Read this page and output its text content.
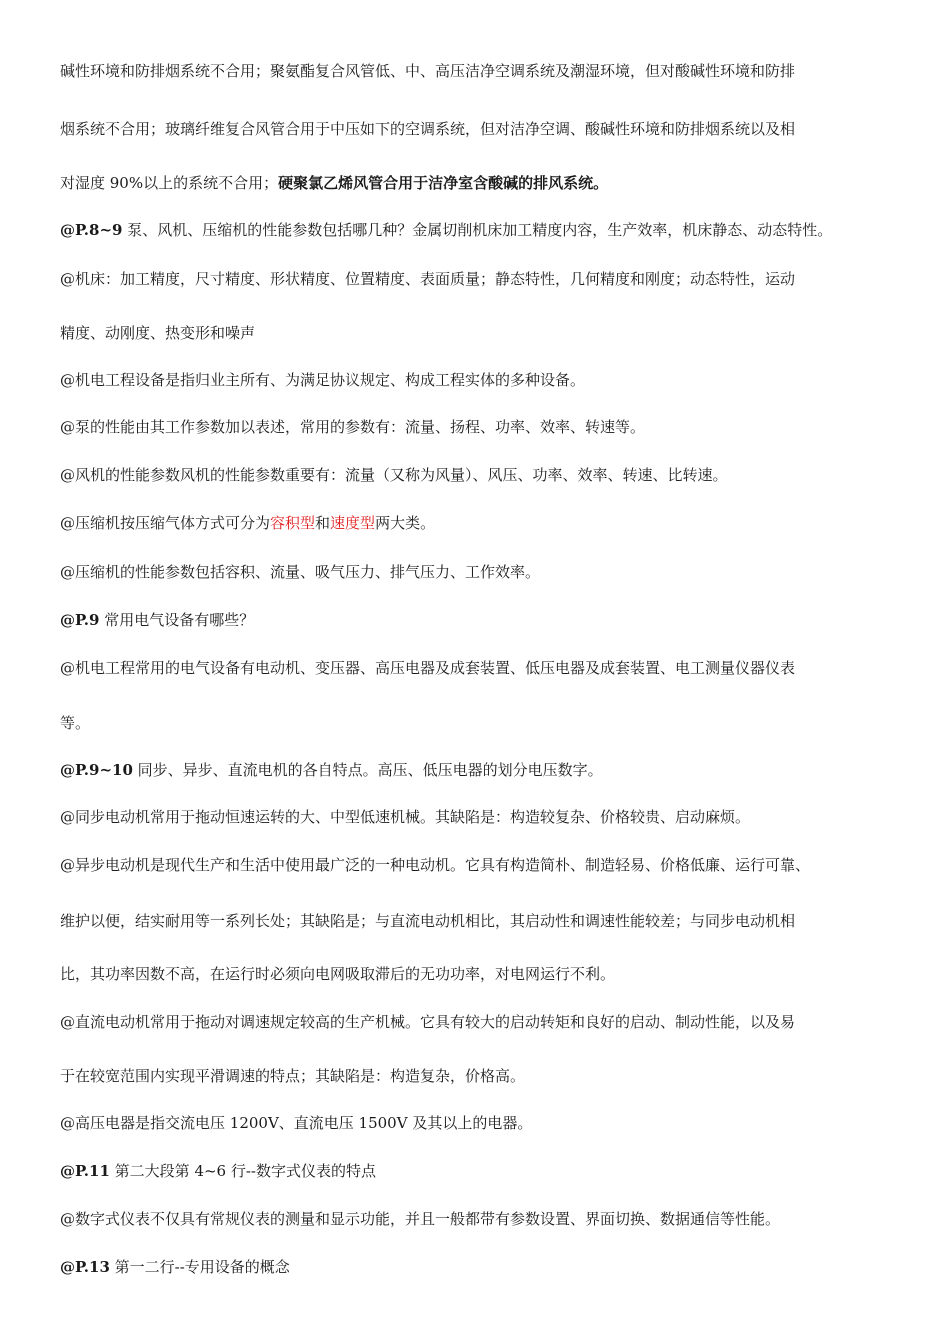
碱性环境和防排烟系统不合用；聚氨酯复合风管低、中、高压洁净空调系统及潮湿环境，但对酸碱性环境和防排
烟系统不合用；玻璃纤维复合风管合用于中压如下的空调系统，但对洁净空调、酸碱性环境和防排烟系统以及相
对湿度 90%以上的系统不合用；硬聚氯乙烯风管合用于洁净室含酸碱的排风系统。
@P.8~9 泵、风机、压缩机的性能参数包括哪几种？金属切削机床加工精度内容，生产效率，机床静态、动态特性。
@机床：加工精度，尺寸精度、形状精度、位置精度、表面质量；静态特性，几何精度和刚度；动态特性，运动
精度、动刚度、热变形和噪声
@机电工程设备是指归业主所有、为满足协议规定、构成工程实体的多种设备。
@泵的性能由其工作参数加以表述，常用的参数有：流量、扬程、功率、效率、转速等。
@风机的性能参数风机的性能参数重要有：流量（又称为风量）、风压、功率、效率、转速、比转速。
@压缩机按压缩气体方式可分为容积型和速度型两大类。
@压缩机的性能参数包括容积、流量、吸气压力、排气压力、工作效率。
@P.9 常用电气设备有哪些？
@机电工程常用的电气设备有电动机、变压器、高压电器及成套装置、低压电器及成套装置、电工测量仪器仪表
等。
@P.9~10 同步、异步、直流电机的各自特点。高压、低压电器的划分电压数字。
@同步电动机常用于拖动恒速运转的大、中型低速机械。其缺陷是：构造较复杂、价格较贵、启动麻烦。
@异步电动机是现代生产和生活中使用最广泛的一种电动机。它具有构造简朴、制造轻易、价格低廉、运行可靠、
维护以便，结实耐用等一系列长处；其缺陷是；与直流电动机相比，其启动性和调速性能较差；与同步电动机相
比，其功率因数不高，在运行时必须向电网吸取滞后的无功功率，对电网运行不利。
@直流电动机常用于拖动对调速规定较高的生产机械。它具有较大的启动转矩和良好的启动、制动性能，以及易
于在较宽范围内实现平滑调速的特点；其缺陷是：构造复杂，价格高。
@高压电器是指交流电压 1200V、直流电压 1500V 及其以上的电器。
@P.11 第二大段第 4~6 行--数字式仪表的特点
@数字式仪表不仅具有常规仪表的测量和显示功能，并且一般都带有参数设置、界面切换、数据通信等性能。
@P.13 第一二行--专用设备的概念
